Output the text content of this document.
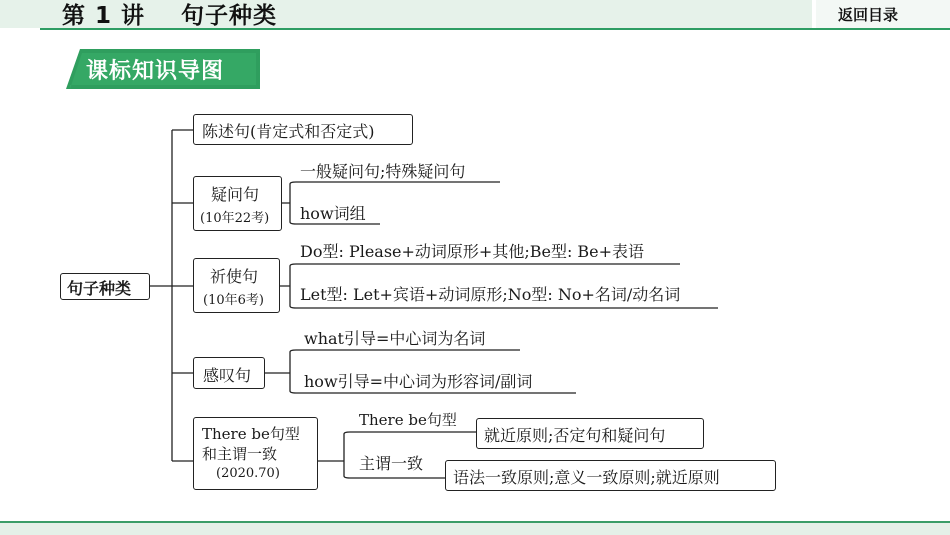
第 1 讲    句子种类	返回目录
课标知识导图
句子种类
陈述句(肯定式和否定式)
疑问句
(10年22考)
一般疑问句;特殊疑问句
how词组
祈使句
(10年6考)
Do型: Please+动词原形+其他;Be型: Be+表语
Let型: Let+宾语+动词原形;No型: No+名词/动名词
感叹句
what引导=中心词为名词
how引导=中心词为形容词/副词
There be句型
和主谓一致
(2020.70)
There be句型
就近原则;否定句和疑问句
主谓一致
语法一致原则;意义一致原则;就近原则
